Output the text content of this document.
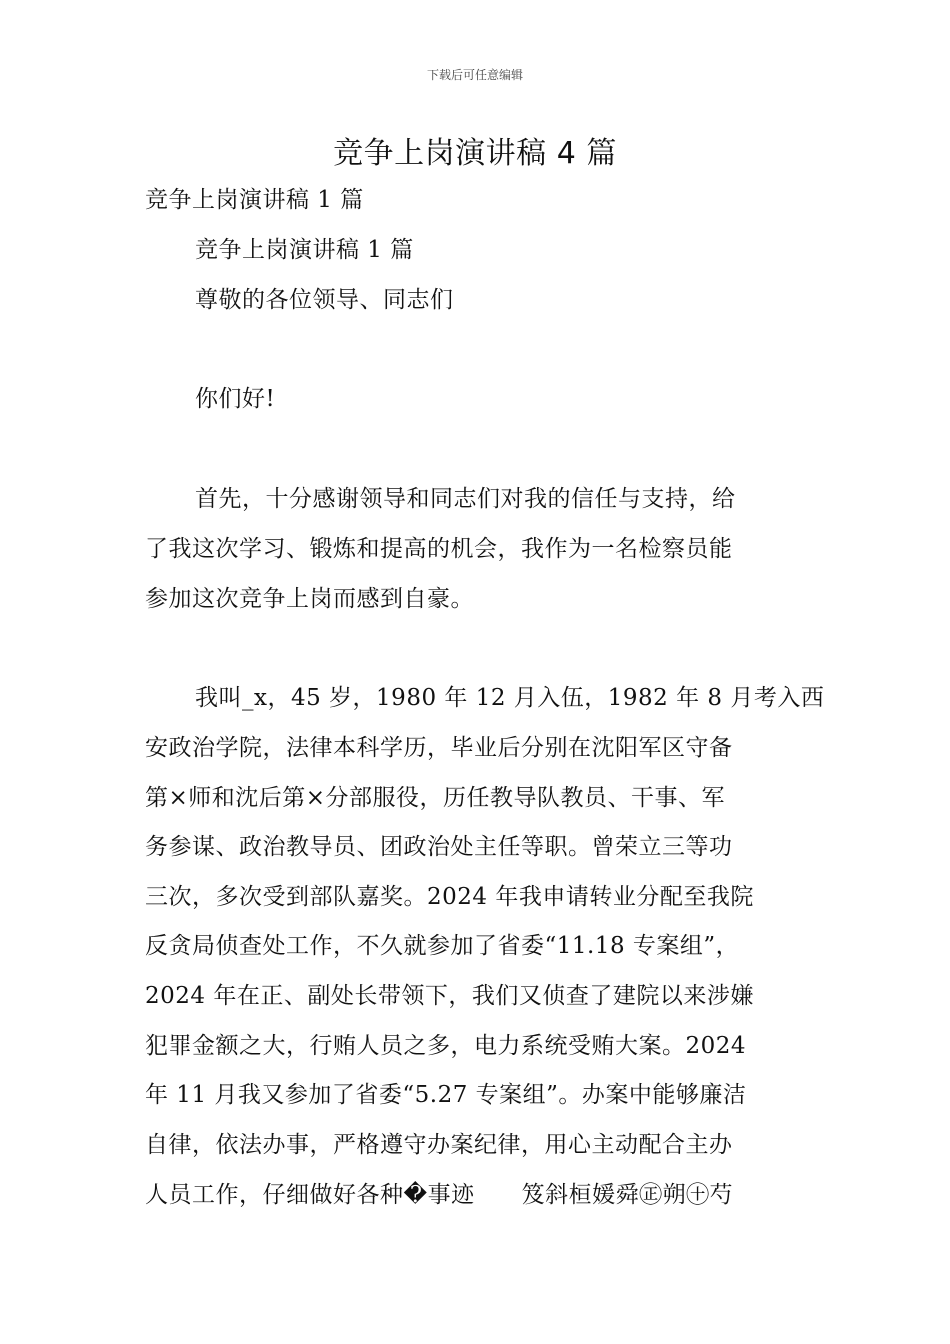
下载后可任意编辑
竞争上岗演讲稿 4 篇
竞争上岗演讲稿 1 篇
竞争上岗演讲稿 1 篇
尊敬的各位领导、同志们
你们好!
首先，十分感谢领导和同志们对我的信任与支持，给
了我这次学习、锻炼和提高的机会，我作为一名检察员能
参加这次竞争上岗而感到自豪。
我叫_x，45 岁，1980 年 12 月入伍，1982 年 8 月考入西
安政治学院，法律本科学历，毕业后分别在沈阳军区守备
第×师和沈后第×分部服役，历任教导队教员、干事、军
务参谋、政治教导员、团政治处主任等职。曾荣立三等功
三次，多次受到部队嘉奖。2024 年我申请转业分配至我院
反贪局侦查处工作，不久就参加了省委“11.18 专案组”，
2024 年在正、副处长带领下，我们又侦查了建院以来涉嫌
犯罪金额之大，行贿人员之多，电力系统受贿大案。2024
年 11 月我又参加了省委“5.27 专案组”。办案中能够廉洁
自律，依法办事，严格遵守办案纪律，用心主动配合主办
人员工作，仔细做好各种�事迹　　笈斜桓媛舜㊣朔㊉芍
